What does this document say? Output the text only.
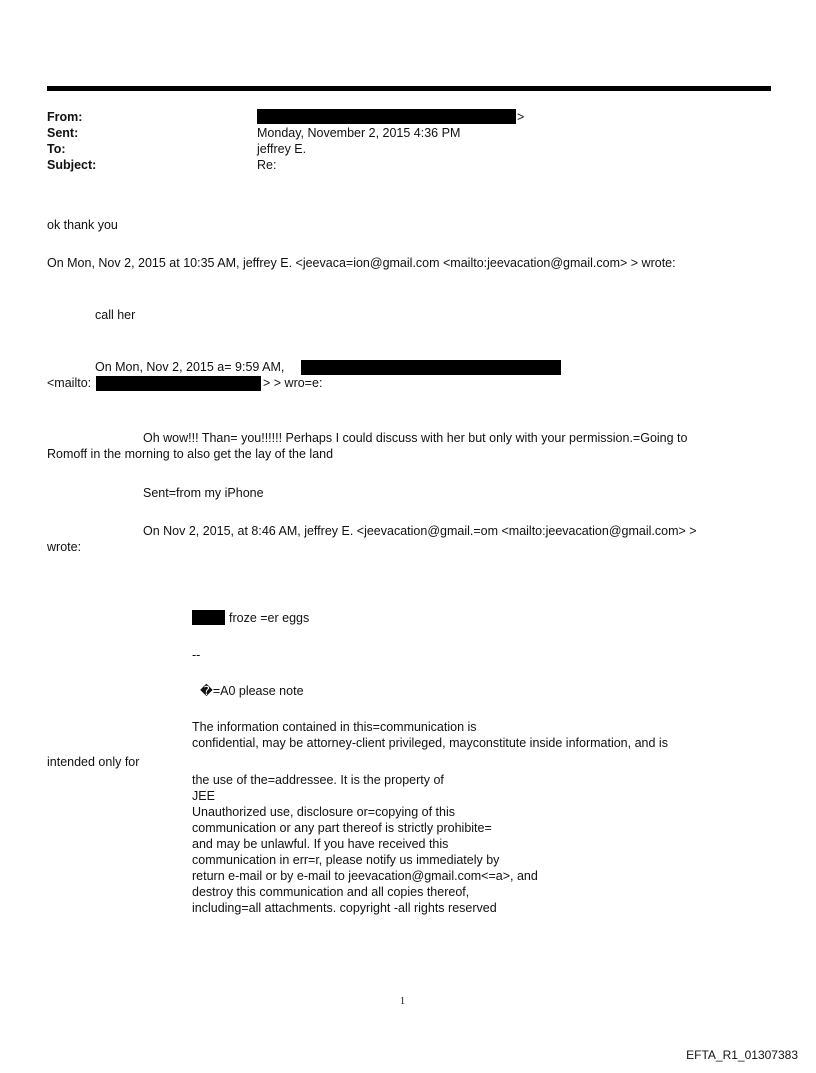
From:	>
Sent:	Monday, November 2, 2015 4:36 PM
To:	jeffrey E.
Subject:	Re:
ok thank you
On Mon, Nov 2, 2015 at 10:35 AM, jeffrey E. <jeevaca=ion@gmail.com <mailto:jeevacation@gmail.com> > wrote:
call her
On Mon, Nov 2, 2015 a= 9:59 AM,
<mailto:	> > wro=e:
Oh wow!!! Than= you!!!!!! Perhaps I could discuss with her but only with your permission.=Going to
Romoff in the morning to also get the lay of the land
Sent=from my iPhone
On Nov 2, 2015, at 8:46 AM, jeffrey E. <jeevacation@gmail.=om <mailto:jeevacation@gmail.com> >
wrote:
froze =er eggs
--
�=A0 please note
The information contained in this=communication is
confidential, may be attorney-client privileged, mayconstitute inside information, and is
intended only for
the use of the=addressee. It is the property of
JEE
Unauthorized use, disclosure or=copying of this
communication or any part thereof is strictly prohibite=
and may be unlawful. If you have received this
communication in err=r, please notify us immediately by
return e-mail or by e-mail to jeevacation@gmail.com<=a>, and
destroy this communication and all copies thereof,
including=all attachments. copyright -all rights reserved
1
EFTA_R1_01307383
